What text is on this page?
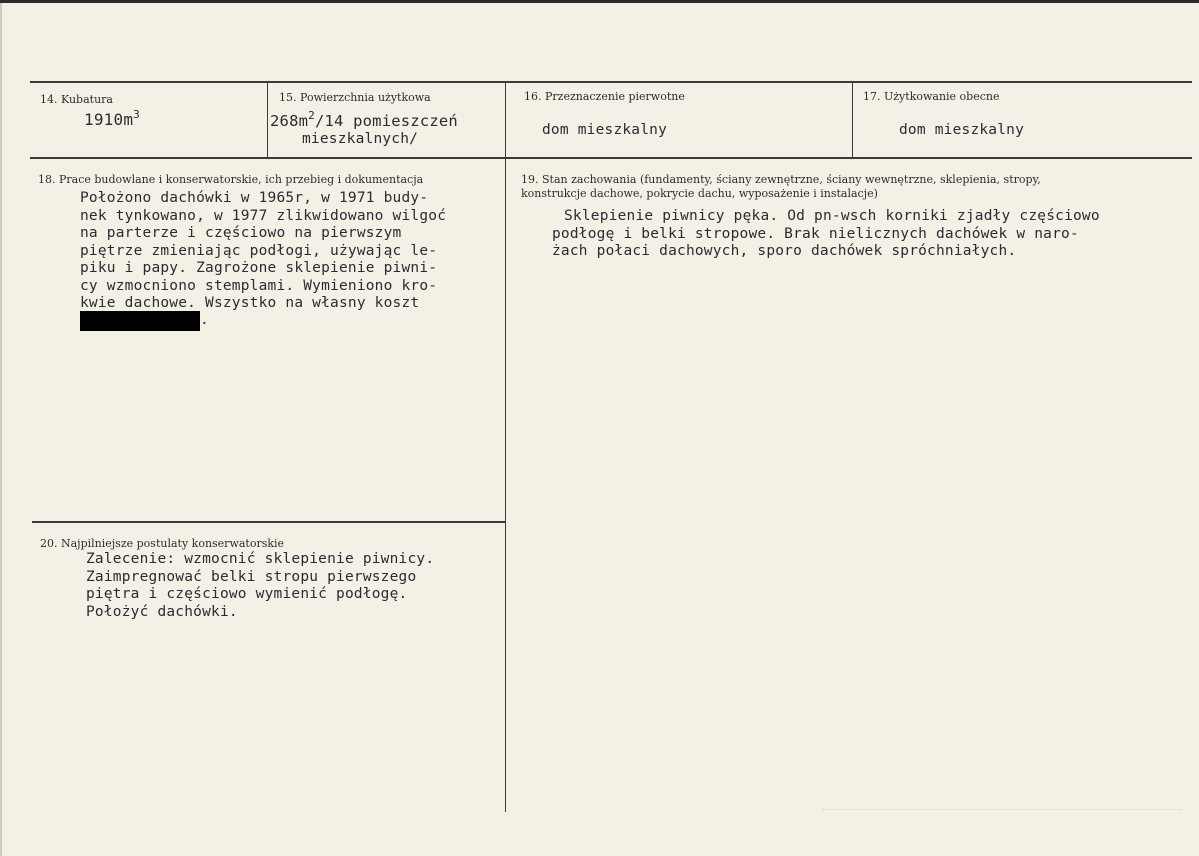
14. Kubatura
$1910m^3$
15. Powierzchnia użytkowa
$268m^2/14$ pomieszczeń
mieszkalnych/
16. Przeznaczenie pierwotne
dom mieszkalny
17. Użytkowanie obecne
dom mieszkalny
18. Prace budowlane i konserwatorskie, ich przebieg i dokumentacja
Położono dachówki w 1965r, w 1971 budy-
nek tynkowano, w 1977 zlikwidowano wilgoć
na parterze i częściowo na pierwszym
piętrze zmieniając podłogi, używając le-
piku i papy. Zagrożone sklepienie piwni-
cy wzmocniono stemplami. Wymieniono kro-
kwie dachowe. Wszystko na własny koszt
.
19. Stan zachowania (fundamenty, ściany zewnętrzne, ściany wewnętrzne, sklepienia, stropy,
konstrukcje dachowe, pokrycie dachu, wyposażenie i instalacje)
Sklepienie piwnicy pęka. Od pn-wsch korniki zjadły częściowo
podłogę i belki stropowe. Brak nielicznych dachówek w naro-
żach połaci dachowych, sporo dachówek spróchniałych.
20. Najpilniejsze postulaty konserwatorskie
Zalecenie: wzmocnić sklepienie piwnicy.
Zaimpregnować belki stropu pierwszego
piętra i częściowo wymienić podłogę.
Położyć dachówki.
